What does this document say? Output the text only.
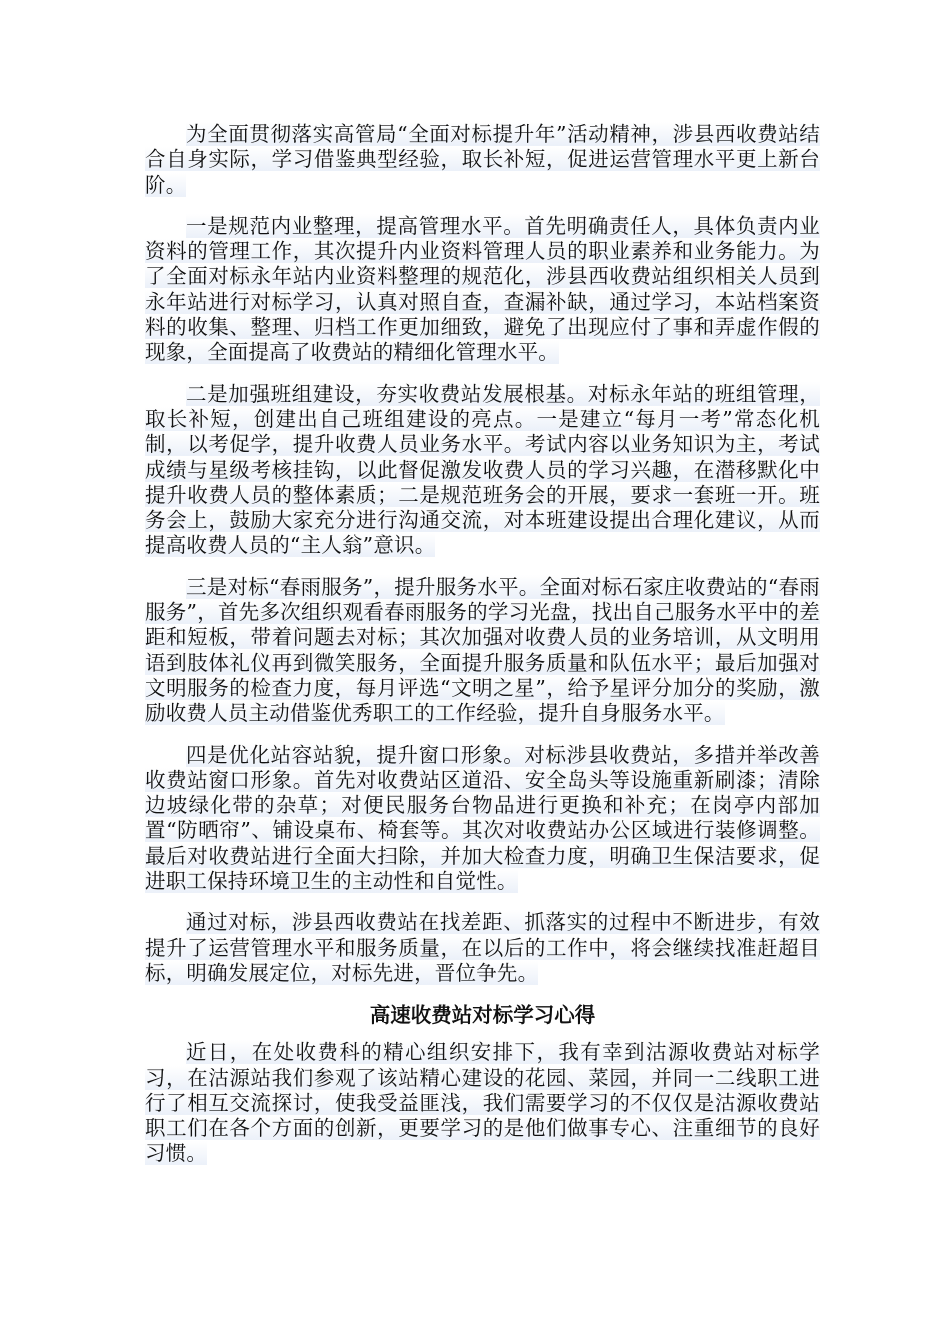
为全面贯彻落实高管局“全面对标提升年”活动精神，涉县西收费站结合自身实际，学习借鉴典型经验，取长补短，促进运营管理水平更上新台阶。

一是规范内业整理，提高管理水平。首先明确责任人，具体负责内业资料的管理工作，其次提升内业资料管理人员的职业素养和业务能力。为了全面对标永年站内业资料整理的规范化，涉县西收费站组织相关人员到永年站进行对标学习，认真对照自查，查漏补缺，通过学习，本站档案资料的收集、整理、归档工作更加细致，避免了出现应付了事和弄虚作假的现象，全面提高了收费站的精细化管理水平。

二是加强班组建设，夯实收费站发展根基。对标永年站的班组管理，取长补短，创建出自己班组建设的亮点。一是建立“每月一考”常态化机制，以考促学，提升收费人员业务水平。考试内容以业务知识为主，考试成绩与星级考核挂钩，以此督促激发收费人员的学习兴趣，在潜移默化中提升收费人员的整体素质；二是规范班务会的开展，要求一套班一开。班务会上，鼓励大家充分进行沟通交流，对本班建设提出合理化建议，从而提高收费人员的“主人翁”意识。

三是对标“春雨服务”，提升服务水平。全面对标石家庄收费站的“春雨服务”，首先多次组织观看春雨服务的学习光盘，找出自己服务水平中的差距和短板，带着问题去对标；其次加强对收费人员的业务培训，从文明用语到肢体礼仪再到微笑服务，全面提升服务质量和队伍水平；最后加强对文明服务的检查力度，每月评选“文明之星”，给予星评分加分的奖励，激励收费人员主动借鉴优秀职工的工作经验，提升自身服务水平。

四是优化站容站貌，提升窗口形象。对标涉县收费站，多措并举改善收费站窗口形象。首先对收费站区道沿、安全岛头等设施重新刷漆；清除边坡绿化带的杂草；对便民服务台物品进行更换和补充；在岗亭内部加置“防晒帘”、铺设桌布、椅套等。其次对收费站办公区域进行装修调整。最后对收费站进行全面大扫除，并加大检查力度，明确卫生保洁要求，促进职工保持环境卫生的主动性和自觉性。

通过对标，涉县西收费站在找差距、抓落实的过程中不断进步，有效提升了运营管理水平和服务质量，在以后的工作中，将会继续找准赶超目标，明确发展定位，对标先进，晋位争先。

高速收费站对标学习心得

近日，在处收费科的精心组织安排下，我有幸到沽源收费站对标学习，在沽源站我们参观了该站精心建设的花园、菜园，并同一二线职工进行了相互交流探讨，使我受益匪浅，我们需要学习的不仅仅是沽源收费站职工们在各个方面的创新，更要学习的是他们做事专心、注重细节的良好习惯。
